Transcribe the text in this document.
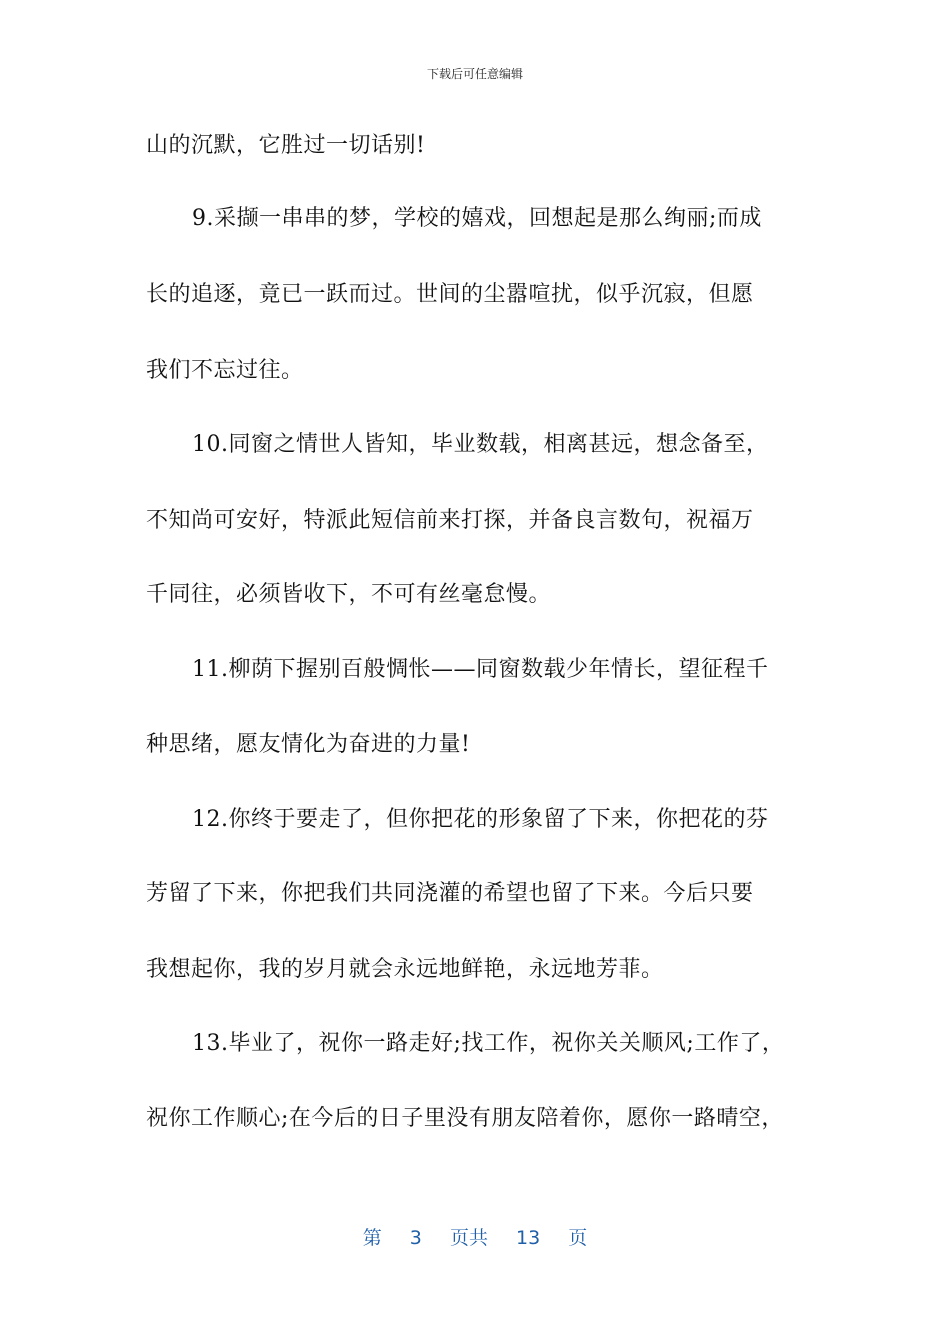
下载后可任意编辑
山的沉默，它胜过一切话别!
9.采撷一串串的梦，学校的嬉戏，回想起是那么绚丽;而成
长的追逐，竟已一跃而过。世间的尘嚣喧扰，似乎沉寂，但愿
我们不忘过往。
10.同窗之情世人皆知，毕业数载，相离甚远，想念备至，
不知尚可安好，特派此短信前来打探，并备良言数句，祝福万
千同往，必须皆收下，不可有丝毫怠慢。
11.柳荫下握别百般惆怅——同窗数载少年情长，望征程千
种思绪，愿友情化为奋进的力量!
12.你终于要走了，但你把花的形象留了下来，你把花的芬
芳留了下来，你把我们共同浇灌的希望也留了下来。今后只要
我想起你，我的岁月就会永远地鲜艳，永远地芳菲。
13.毕业了，祝你一路走好;找工作，祝你关关顺风;工作了，
祝你工作顺心;在今后的日子里没有朋友陪着你，愿你一路晴空，
第 3 页共 13 页
